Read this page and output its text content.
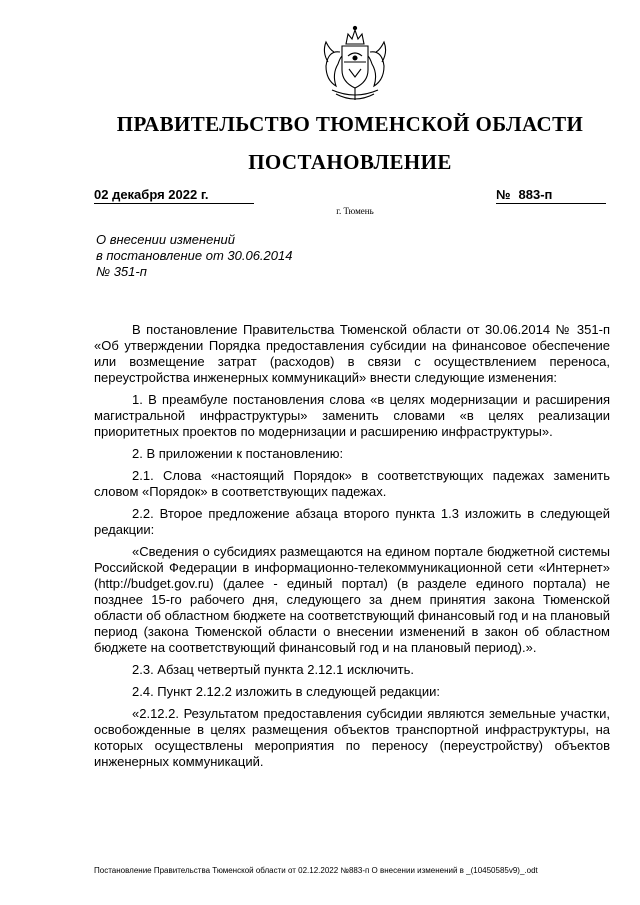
ПРАВИТЕЛЬСТВО ТЮМЕНСКОЙ ОБЛАСТИ
ПОСТАНОВЛЕНИЕ
02 декабря 2022 г.	№ 883-п
г. Тюмень
О внесении изменений
в постановление от 30.06.2014
№ 351-п

В постановление Правительства Тюменской области от 30.06.2014 № 351-п «Об утверждении Порядка предоставления субсидии на финансовое обеспечение или возмещение затрат (расходов) в связи с осуществлением переноса, переустройства инженерных коммуникаций» внести следующие изменения:

1. В преамбуле постановления слова «в целях модернизации и расширения магистральной инфраструктуры» заменить словами «в целях реализации приоритетных проектов по модернизации и расширению инфраструктуры».

2. В приложении к постановлению:

2.1. Слова «настоящий Порядок» в соответствующих падежах заменить словом «Порядок» в соответствующих падежах.

2.2. Второе предложение абзаца второго пункта 1.3 изложить в следующей редакции:

«Сведения о субсидиях размещаются на едином портале бюджетной системы Российской Федерации в информационно-телекоммуникационной сети «Интернет» (http://budget.gov.ru) (далее - единый портал) (в разделе единого портала) не позднее 15-го рабочего дня, следующего за днем принятия закона Тюменской области об областном бюджете на соответствующий финансовый год и на плановый период (закона Тюменской области о внесении изменений в закон об областном бюджете на соответствующий финансовый год и на плановый период).».

2.3. Абзац четвертый пункта 2.12.1 исключить.

2.4. Пункт 2.12.2 изложить в следующей редакции:

«2.12.2. Результатом предоставления субсидии являются земельные участки, освобожденные в целях размещения объектов транспортной инфраструктуры, на которых осуществлены мероприятия по переносу (переустройству) объектов инженерных коммуникаций.

Постановление Правительства Тюменской области от 02.12.2022 №883-п О внесении изменений в _(10450585v9)_.odt
